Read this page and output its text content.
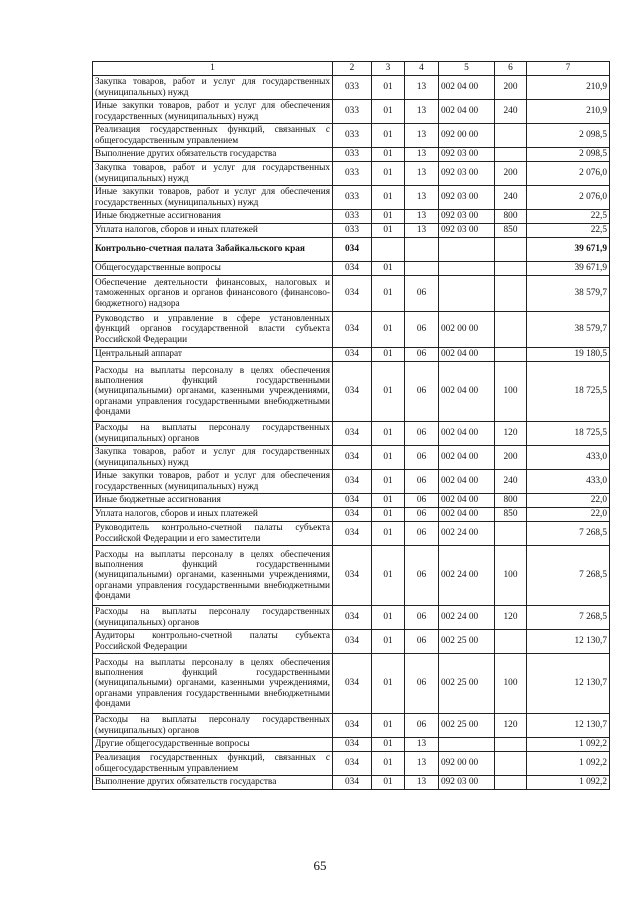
1	2	3	4	5	6	7
Закупка товаров, работ и услуг для государственных (муниципальных) нужд	033	01	13	002 04 00	200	210,9
Иные закупки товаров, работ и услуг для обеспечения государственных (муниципальных) нужд	033	01	13	002 04 00	240	210,9
Реализация государственных функций, связанных с общегосударственным управлением	033	01	13	092 00 00		2 098,5
Выполнение других обязательств государства	033	01	13	092 03 00		2 098,5
Закупка товаров, работ и услуг для государственных (муниципальных) нужд	033	01	13	092 03 00	200	2 076,0
Иные закупки товаров, работ и услуг для обеспечения государственных (муниципальных) нужд	033	01	13	092 03 00	240	2 076,0
Иные бюджетные ассигнования	033	01	13	092 03 00	800	22,5
Уплата налогов, сборов и иных платежей	033	01	13	092 03 00	850	22,5
Контрольно-счетная палата Забайкальского края	034					39 671,9
Общегосударственные вопросы	034	01				39 671,9
Обеспечение деятельности финансовых, налоговых и таможенных органов и органов финансового (финансово-бюджетного) надзора	034	01	06			38 579,7
Руководство и управление в сфере установленных функций органов государственной власти субъекта Российской Федерации	034	01	06	002 00 00		38 579,7
Центральный аппарат	034	01	06	002 04 00		19 180,5
Расходы на выплаты персоналу в целях обеспечения выполнения функций государственными (муниципальными) органами, казенными учреждениями, органами управления государственными внебюджетными фондами	034	01	06	002 04 00	100	18 725,5
Расходы на выплаты персоналу государственных (муниципальных) органов	034	01	06	002 04 00	120	18 725,5
Закупка товаров, работ и услуг для государственных (муниципальных) нужд	034	01	06	002 04 00	200	433,0
Иные закупки товаров, работ и услуг для обеспечения государственных (муниципальных) нужд	034	01	06	002 04 00	240	433,0
Иные бюджетные ассигнования	034	01	06	002 04 00	800	22,0
Уплата налогов, сборов и иных платежей	034	01	06	002 04 00	850	22,0
Руководитель контрольно-счетной палаты субъекта Российской Федерации и его заместители	034	01	06	002 24 00		7 268,5
Расходы на выплаты персоналу в целях обеспечения выполнения функций государственными (муниципальными) органами, казенными учреждениями, органами управления государственными внебюджетными фондами	034	01	06	002 24 00	100	7 268,5
Расходы на выплаты персоналу государственных (муниципальных) органов	034	01	06	002 24 00	120	7 268,5
Аудиторы контрольно-счетной палаты субъекта Российской Федерации	034	01	06	002 25 00		12 130,7
Расходы на выплаты персоналу в целях обеспечения выполнения функций государственными (муниципальными) органами, казенными учреждениями, органами управления государственными внебюджетными фондами	034	01	06	002 25 00	100	12 130,7
Расходы на выплаты персоналу государственных (муниципальных) органов	034	01	06	002 25 00	120	12 130,7
Другие общегосударственные вопросы	034	01	13			1 092,2
Реализация государственных функций, связанных с общегосударственным управлением	034	01	13	092 00 00		1 092,2
Выполнение других обязательств государства	034	01	13	092 03 00		1 092,2
65
